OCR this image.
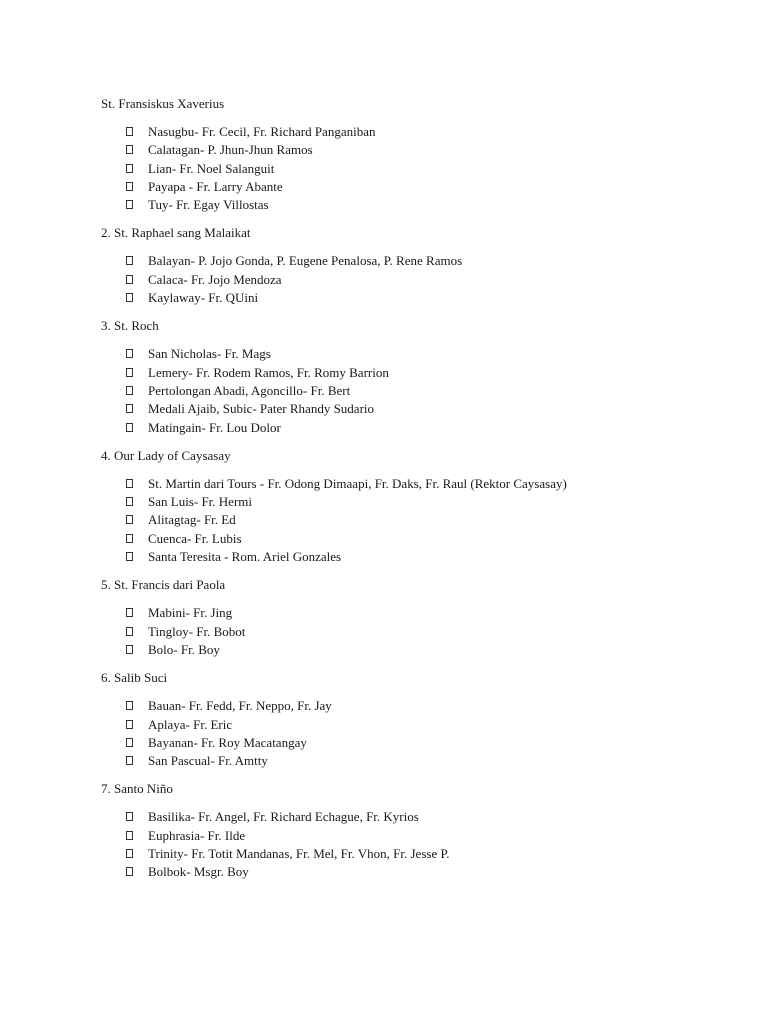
St. Fransiskus Xaverius

Nasugbu- Fr. Cecil, Fr. Richard Panganiban
Calatagan- P. Jhun-Jhun Ramos
Lian- Fr. Noel Salanguit
Payapa - Fr. Larry Abante
Tuy- Fr. Egay Villostas

2. St. Raphael sang Malaikat

Balayan- P. Jojo Gonda, P. Eugene Penalosa, P. Rene Ramos
Calaca- Fr. Jojo Mendoza
Kaylaway- Fr. QUini

3. St. Roch

San Nicholas- Fr. Mags
Lemery- Fr. Rodem Ramos, Fr. Romy Barrion
Pertolongan Abadi, Agoncillo- Fr. Bert
Medali Ajaib, Subic- Pater Rhandy Sudario
Matingain- Fr. Lou Dolor

4. Our Lady of Caysasay

St. Martin dari Tours - Fr. Odong Dimaapi, Fr. Daks, Fr. Raul (Rektor Caysasay)
San Luis- Fr. Hermi
Alitagtag- Fr. Ed
Cuenca- Fr. Lubis
Santa Teresita - Rom. Ariel Gonzales

5. St. Francis dari Paola

Mabini- Fr. Jing
Tingloy- Fr. Bobot
Bolo- Fr. Boy

6. Salib Suci

Bauan- Fr. Fedd, Fr. Neppo, Fr. Jay
Aplaya- Fr. Eric
Bayanan- Fr. Roy Macatangay
San Pascual- Fr. Amtty

7. Santo Niño

Basilika- Fr. Angel, Fr. Richard Echague, Fr. Kyrios
Euphrasia- Fr. Ilde
Trinity- Fr. Totit Mandanas, Fr. Mel, Fr. Vhon, Fr. Jesse P.
Bolbok- Msgr. Boy
